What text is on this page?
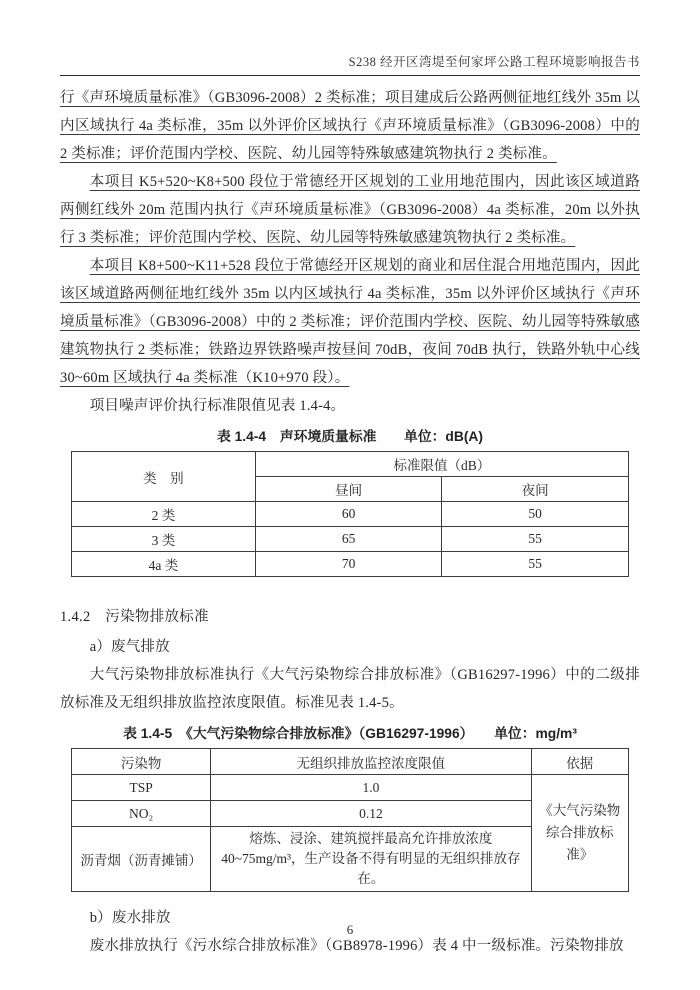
S238 经开区湾堤至何家坪公路工程环境影响报告书

行《声环境质量标准》（GB3096-2008）2 类标准；项目建成后公路两侧征地红线外 35m 以内区域执行 4a 类标准，35m 以外评价区域执行《声环境质量标准》（GB3096-2008）中的 2 类标准；评价范围内学校、医院、幼儿园等特殊敏感建筑物执行 2 类标准。

本项目 K5+520~K8+500 段位于常德经开区规划的工业用地范围内，因此该区域道路两侧红线外 20m 范围内执行《声环境质量标准》（GB3096-2008）4a 类标准，20m 以外执行 3 类标准；评价范围内学校、医院、幼儿园等特殊敏感建筑物执行 2 类标准。

本项目 K8+500~K11+528 段位于常德经开区规划的商业和居住混合用地范围内，因此该区域道路两侧征地红线外 35m 以内区域执行 4a 类标准，35m 以外评价区域执行《声环境质量标准》（GB3096-2008）中的 2 类标准；评价范围内学校、医院、幼儿园等特殊敏感建筑物执行 2 类标准；铁路边界铁路噪声按昼间 70dB，夜间 70dB 执行，铁路外轨中心线 30~60m 区域执行 4a 类标准（K10+970 段）。

项目噪声评价执行标准限值见表 1.4-4。

表 1.4-4　声环境质量标准　　单位：dB(A)
类　别	标准限值（dB）	
	昼间	夜间
2 类	60	50
3 类	65	55
4a 类	70	55
1.4.2　污染物排放标准

a）废气排放

大气污染物排放标准执行《大气污染物综合排放标准》（GB16297-1996）中的二级排放标准及无组织排放监控浓度限值。标准见表 1.4-5。

表 1.4-5　《大气污染物综合排放标准》（GB16297-1996）　　单位：mg/m³
污染物	无组织排放监控浓度限值	依据
TSP	1.0	《大气污染物综合排放标准》
NO₂	0.12	
沥青烟（沥青摊铺）	熔炼、浸涂、建筑搅拌最高允许排放浓度 40~75mg/m³，生产设备不得有明显的无组织排放存在。	

b）废水排放

废水排放执行《污水综合排放标准》（GB8978-1996）表 4 中一级标准。污染物排放

6
